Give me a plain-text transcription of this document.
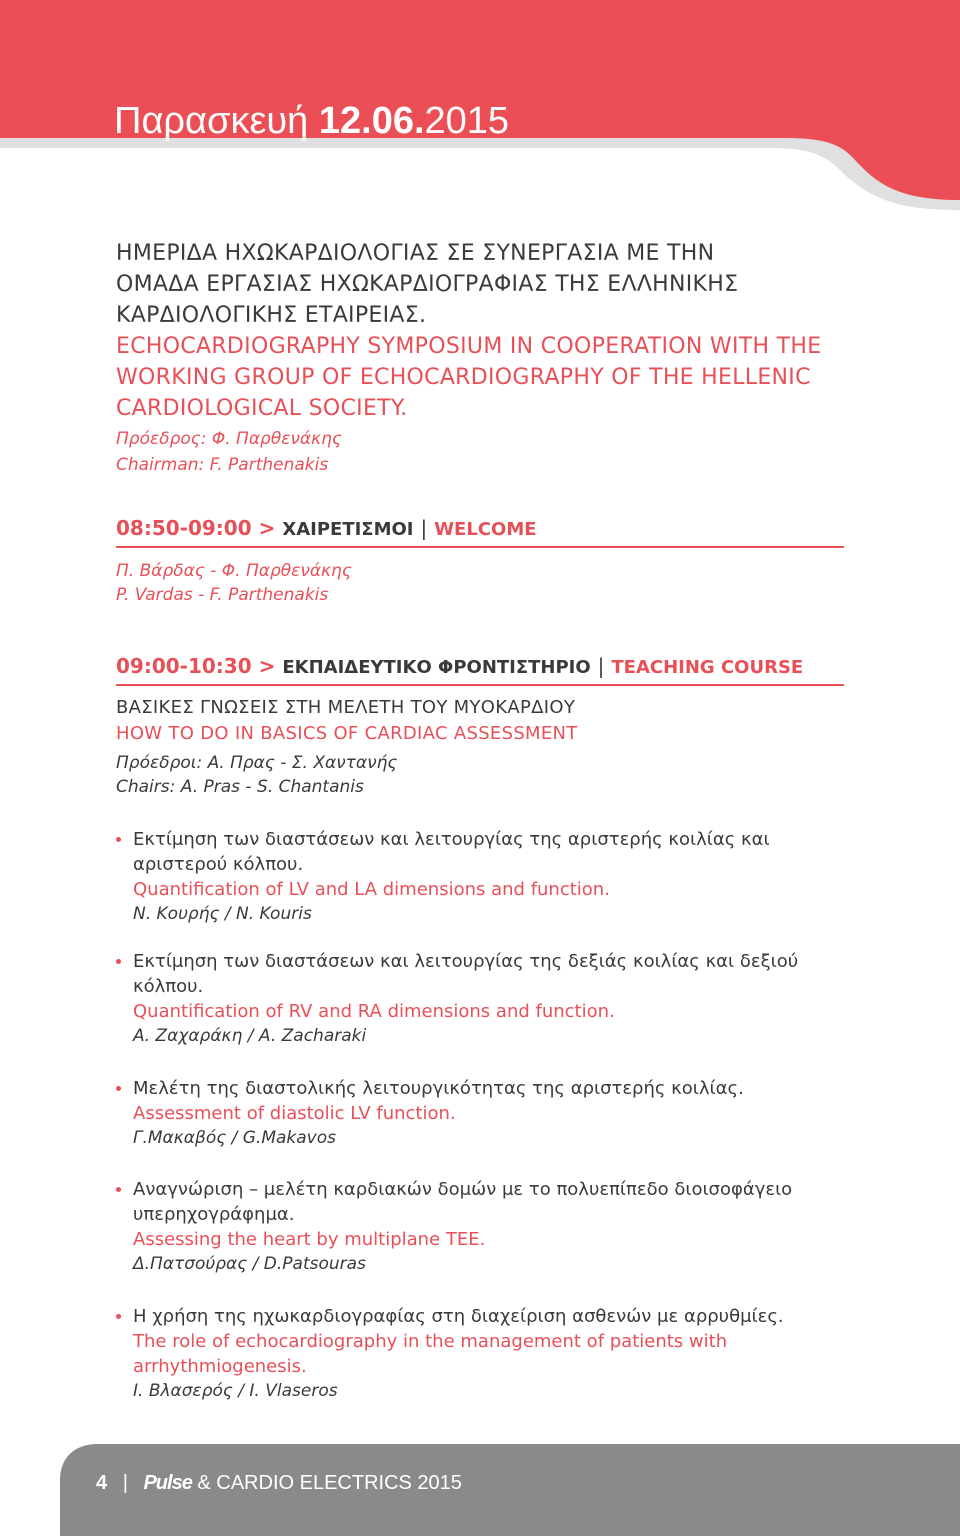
Παρασκευή 12.06.2015
ΗΜΕΡΙΔΑ ΗΧΩΚΑΡΔΙΟΛΟΓΙΑΣ ΣΕ ΣΥΝΕΡΓΑΣΙΑ ΜΕ ΤΗΝ
ΟΜΑΔΑ ΕΡΓΑΣΙΑΣ ΗΧΩΚΑΡΔΙΟΓΡΑΦΙΑΣ ΤΗΣ ΕΛΛΗΝΙΚΗΣ
ΚΑΡΔΙΟΛΟΓΙΚΗΣ ΕΤΑΙΡΕΙΑΣ.
ECHOCARDIOGRAPHY SYMPOSIUM IN COOPERATION WITH THE
WORKING GROUP OF ECHOCARDIOGRAPHY OF THE HELLENIC
CARDIOLOGICAL SOCIETY.
Πρόεδρος: Φ. Παρθενάκης
Chairman: F. Parthenakis
08:50-09:00 > ΧΑΙΡΕΤΙΣΜΟΙ | WELCOME
Π. Βάρδας - Φ. Παρθενάκης
P. Vardas - F. Parthenakis
09:00-10:30 > ΕΚΠΑΙΔΕΥΤΙΚΟ ΦΡΟΝΤΙΣΤΗΡΙΟ | TEACHING COURSE
ΒΑΣΙΚΕΣ ΓΝΩΣΕΙΣ ΣΤΗ ΜΕΛΕΤΗ ΤΟΥ ΜΥΟΚΑΡΔΙΟΥ
HOW TO DO IN BASICS OF CARDIAC ASSESSMENT
Πρόεδροι: Α. Πρας - Σ. Χαντανής
Chairs: A. Pras - S. Chantanis
Εκτίμηση των διαστάσεων και λειτουργίας της αριστερής κοιλίας και
αριστερού κόλπου.
Quantification of LV and LA dimensions and function.
Ν. Κουρής / N. Kouris
Εκτίμηση των διαστάσεων και λειτουργίας της δεξιάς κοιλίας και δεξιού
κόλπου.
Quantification of RV and RA dimensions and function.
Α. Ζαχαράκη / A. Zacharaki
Μελέτη της διαστολικής λειτουργικότητας της αριστερής κοιλίας.
Assessment of diastolic LV function.
Γ.Μακαβός / G.Makavos
Αναγνώριση – μελέτη καρδιακών δομών με το πολυεπίπεδο διοισοφάγειο
υπερηχογράφημα.
Assessing the heart by multiplane TEE.
Δ.Πατσούρας / D.Patsouras
Η χρήση της ηχωκαρδιογραφίας στη διαχείριση ασθενών με αρρυθμίες.
The role of echocardiography in the management of patients with
arrhythmiogenesis.
Ι. Βλασερός / I. Vlaseros
4 | Pulse & CARDIO ELECTRICS 2015
